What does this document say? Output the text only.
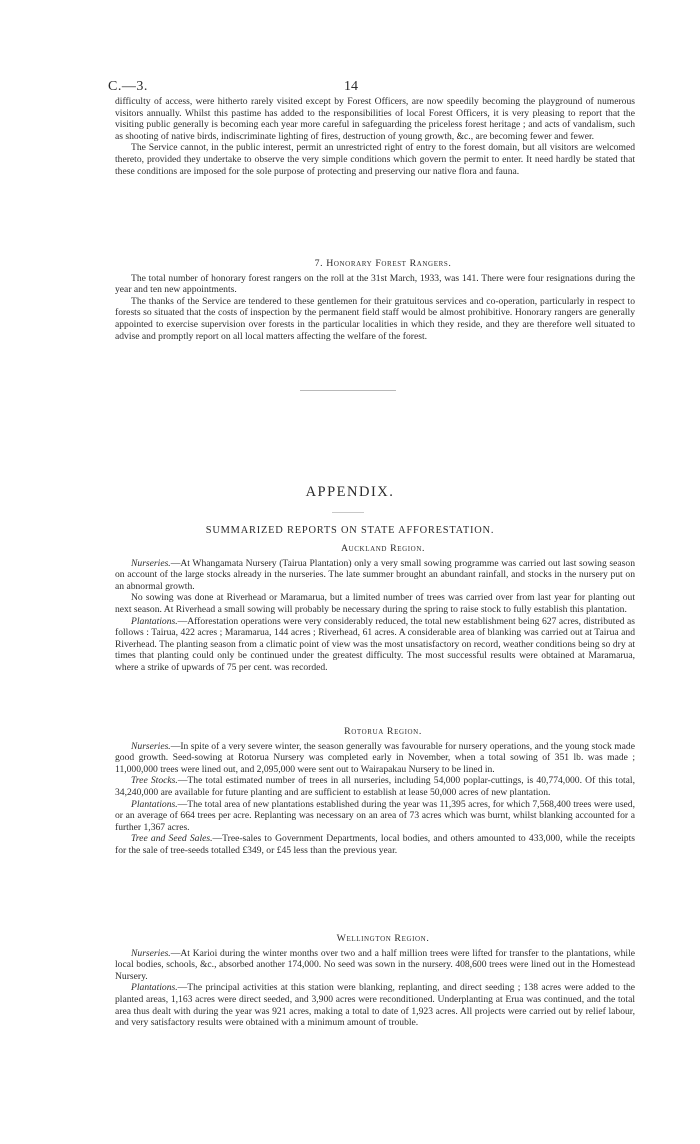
C.—3.	14

difficulty of access, were hitherto rarely visited except by Forest Officers, are now speedily becoming the playground of numerous visitors annually. Whilst this pastime has added to the responsibilities of local Forest Officers, it is very pleasing to report that the visiting public generally is becoming each year more careful in safeguarding the priceless forest heritage ; and acts of vandalism, such as shooting of native birds, indiscriminate lighting of fires, destruction of young growth, &c., are becoming fewer and fewer.

The Service cannot, in the public interest, permit an unrestricted right of entry to the forest domain, but all visitors are welcomed thereto, provided they undertake to observe the very simple conditions which govern the permit to enter. It need hardly be stated that these conditions are imposed for the sole purpose of protecting and preserving our native flora and fauna.

7. Honorary Forest Rangers.

The total number of honorary forest rangers on the roll at the 31st March, 1933, was 141. There were four resignations during the year and ten new appointments.

The thanks of the Service are tendered to these gentlemen for their gratuitous services and co-operation, particularly in respect to forests so situated that the costs of inspection by the permanent field staff would be almost prohibitive. Honorary rangers are generally appointed to exercise supervision over forests in the particular localities in which they reside, and they are therefore well situated to advise and promptly report on all local matters affecting the welfare of the forest.

APPENDIX.
SUMMARIZED REPORTS ON STATE AFFORESTATION.

Auckland Region.

Nurseries.—At Whangamata Nursery (Tairua Plantation) only a very small sowing programme was carried out last sowing season on account of the large stocks already in the nurseries. The late summer brought an abundant rainfall, and stocks in the nursery put on an abnormal growth.

No sowing was done at Riverhead or Maramarua, but a limited number of trees was carried over from last year for planting out next season. At Riverhead a small sowing will probably be necessary during the spring to raise stock to fully establish this plantation.

Plantations.—Afforestation operations were very considerably reduced, the total new establishment being 627 acres, distributed as follows : Tairua, 422 acres ; Maramarua, 144 acres ; Riverhead, 61 acres. A considerable area of blanking was carried out at Tairua and Riverhead. The planting season from a climatic point of view was the most unsatisfactory on record, weather conditions being so dry at times that planting could only be continued under the greatest difficulty. The most successful results were obtained at Maramarua, where a strike of upwards of 75 per cent. was recorded.

Rotorua Region.

Nurseries.—In spite of a very severe winter, the season generally was favourable for nursery operations, and the young stock made good growth. Seed-sowing at Rotorua Nursery was completed early in November, when a total sowing of 351 lb. was made ; 11,000,000 trees were lined out, and 2,095,000 were sent out to Wairapakau Nursery to be lined in.

Tree Stocks.—The total estimated number of trees in all nurseries, including 54,000 poplar-cuttings, is 40,774,000. Of this total, 34,240,000 are available for future planting and are sufficient to establish at lease 50,000 acres of new plantation.

Plantations.—The total area of new plantations established during the year was 11,395 acres, for which 7,568,400 trees were used, or an average of 664 trees per acre. Replanting was necessary on an area of 73 acres which was burnt, whilst blanking accounted for a further 1,367 acres.

Tree and Seed Sales.—Tree-sales to Government Departments, local bodies, and others amounted to 433,000, while the receipts for the sale of tree-seeds totalled £349, or £45 less than the previous year.

Wellington Region.

Nurseries.—At Karioi during the winter months over two and a half million trees were lifted for transfer to the plantations, while local bodies, schools, &c., absorbed another 174,000. No seed was sown in the nursery. 408,600 trees were lined out in the Homestead Nursery.

Plantations.—The principal activities at this station were blanking, replanting, and direct seeding ; 138 acres were added to the planted areas, 1,163 acres were direct seeded, and 3,900 acres were reconditioned. Underplanting at Erua was continued, and the total area thus dealt with during the year was 921 acres, making a total to date of 1,923 acres. All projects were carried out by relief labour, and very satisfactory results were obtained with a minimum amount of trouble.
